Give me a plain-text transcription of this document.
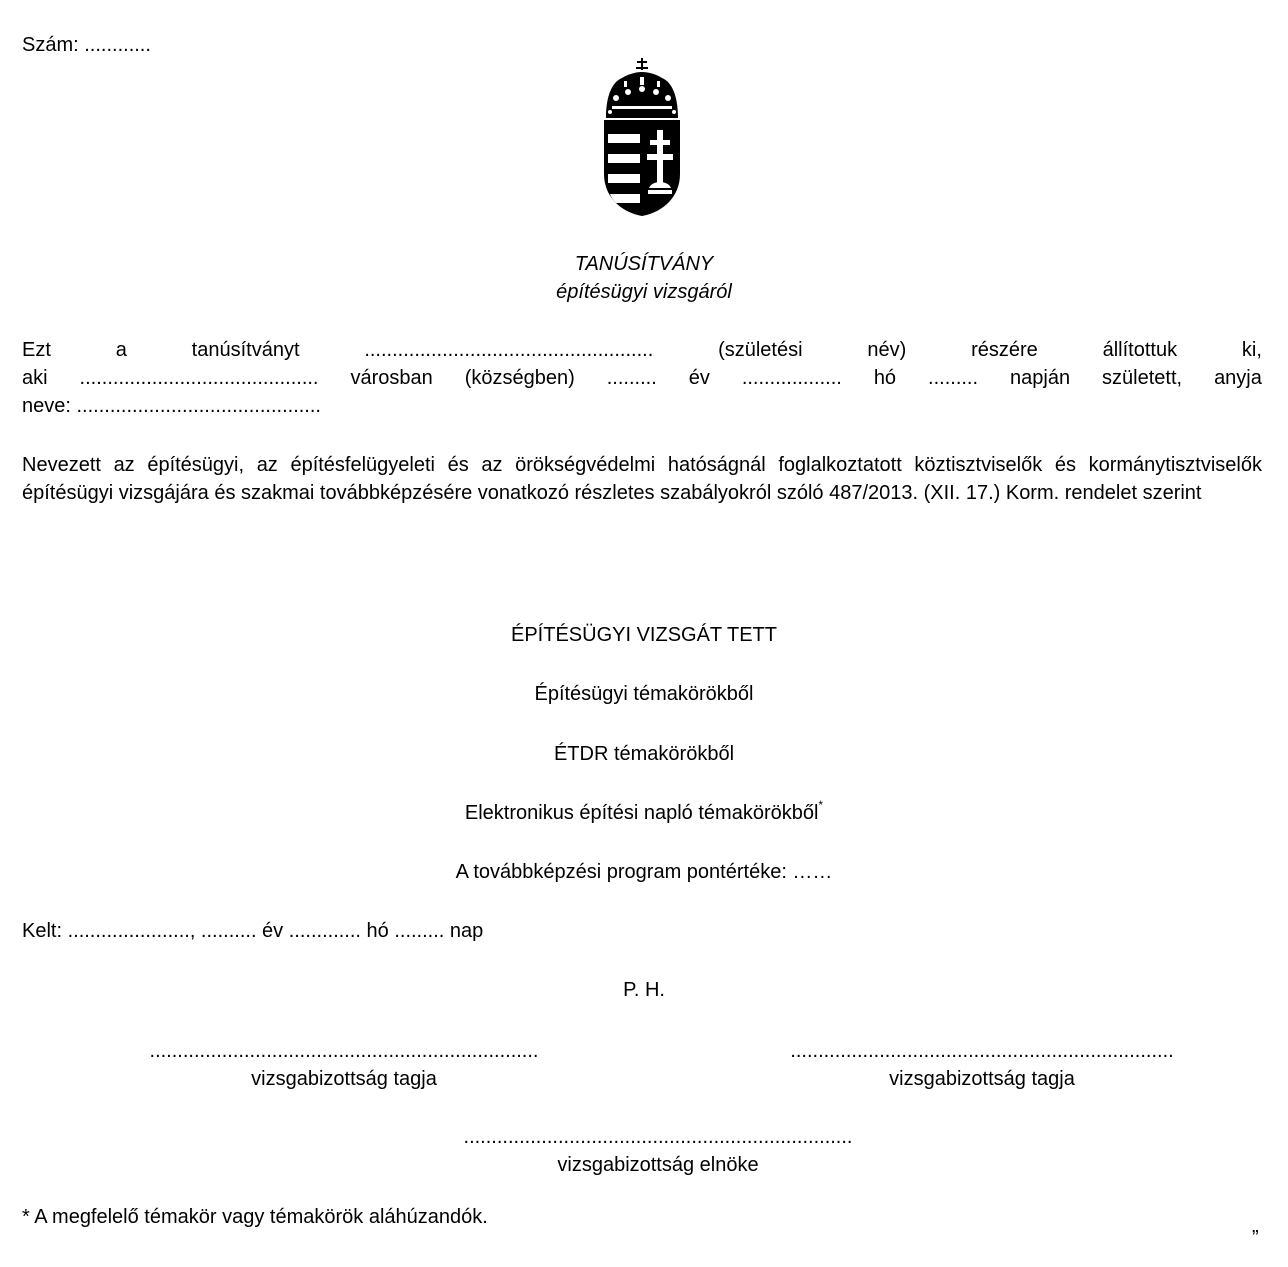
Szám: ............
TANÚSÍTVÁNY
építésügyi vizsgáról
Ezt	a	tanúsítványt	....................................................	(születési	név)	részére	állítottuk	ki,
aki ........................................... városban (községben) ......... év .................. hó ......... napján született, anyja
neve: ............................................
Nevezett az építésügyi, az építésfelügyeleti és az örökségvédelmi hatóságnál foglalkoztatott köztisztviselők és kormánytisztviselők építésügyi vizsgájára és szakmai továbbképzésére vonatkozó részletes szabályokról szóló 487/2013. (XII. 17.) Korm. rendelet szerint
ÉPÍTÉSÜGYI VIZSGÁT TETT
Építésügyi témakörökből
ÉTDR témakörökből
Elektronikus építési napló témakörökből*
A továbbképzési program pontértéke: ……
Kelt: ......................, .......... év ............. hó ......... nap
P. H.
......................................................................
vizsgabizottság tagja
.....................................................................
vizsgabizottság tagja
......................................................................
vizsgabizottság elnöke
* A megfelelő témakör vagy témakörök aláhúzandók.
”
